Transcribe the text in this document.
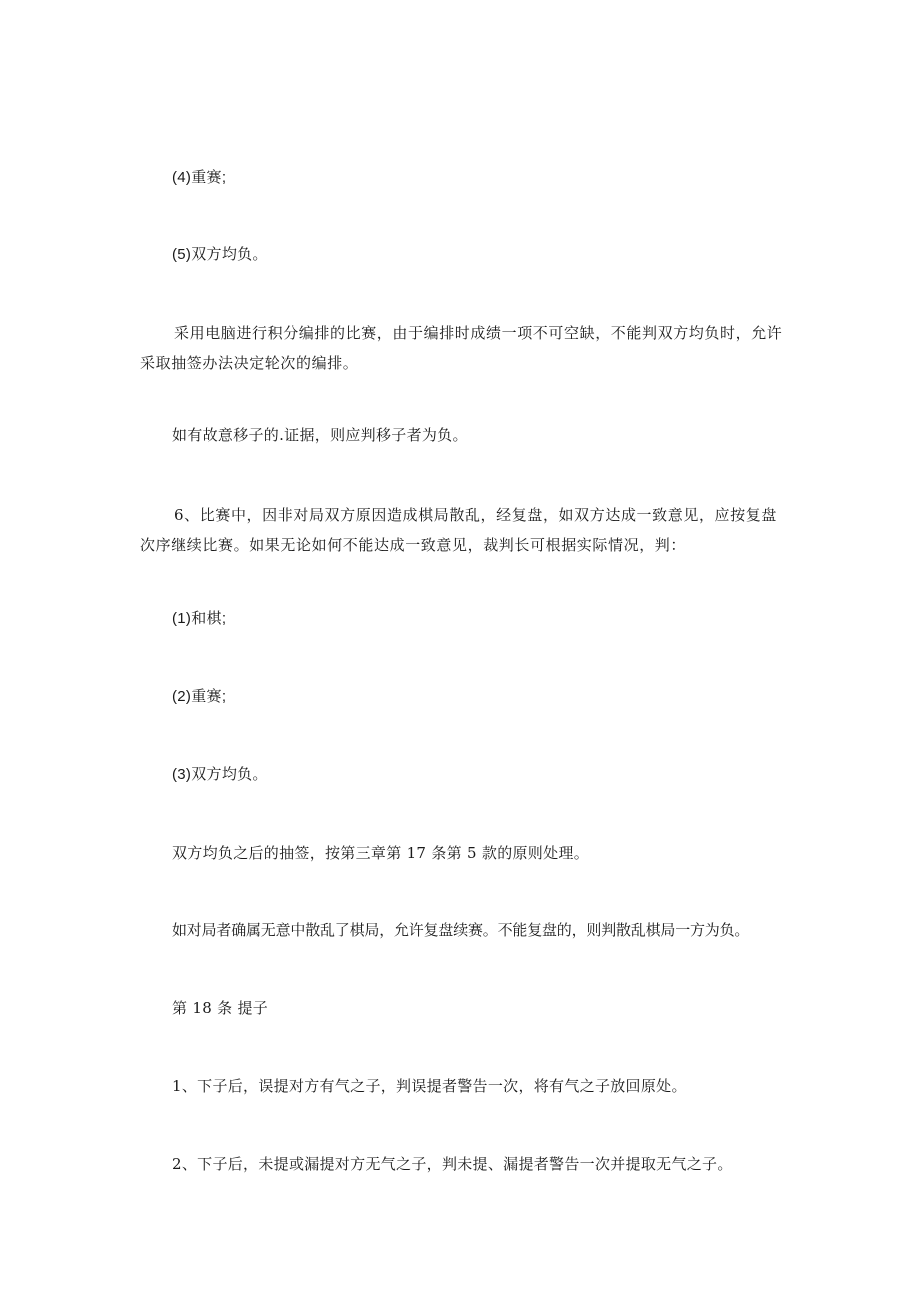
(4)重赛;
(5)双方均负。
采用电脑进行积分编排的比赛，由于编排时成绩一项不可空缺，不能判双方均负时，允许采取抽签办法决定轮次的编排。
如有故意移子的.证据，则应判移子者为负。
6、比赛中，因非对局双方原因造成棋局散乱，经复盘，如双方达成一致意见，应按复盘次序继续比赛。如果无论如何不能达成一致意见，裁判长可根据实际情况，判：
(1)和棋;
(2)重赛;
(3)双方均负。
双方均负之后的抽签，按第三章第 17 条第 5 款的原则处理。
如对局者确属无意中散乱了棋局，允许复盘续赛。不能复盘的，则判散乱棋局一方为负。
第 18 条 提子
1、下子后，误提对方有气之子，判误提者警告一次，将有气之子放回原处。
2、下子后，未提或漏提对方无气之子，判未提、漏提者警告一次并提取无气之子。
